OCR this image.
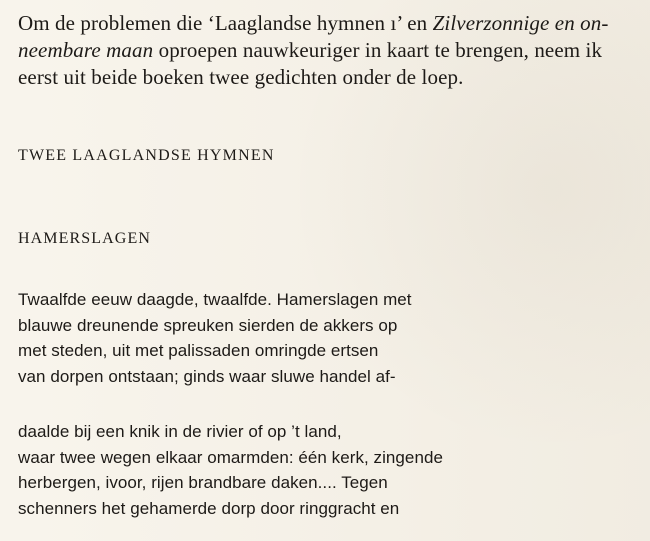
Om de problemen die ‘Laaglandse hymnen ı’ en Zilverzonnige en on-
neembare maan oproepen nauwkeuriger in kaart te brengen, neem ik
eerst uit beide boeken twee gedichten onder de loep.

TWEE LAAGLANDSE HYMNEN
HAMERSLAGEN
Twaalfde eeuw daagde, twaalfde. Hamerslagen met
blauwe dreunende spreuken sierden de akkers op
met steden, uit met palissaden omringde ertsen
van dorpen ontstaan; ginds waar sluwe handel af-
daalde bij een knik in de rivier of op ’t land,
waar twee wegen elkaar omarmden: één kerk, zingende
herbergen, ivoor, rijen brandbare daken.... Tegen
schenners het gehamerde dorp door ringgracht en
